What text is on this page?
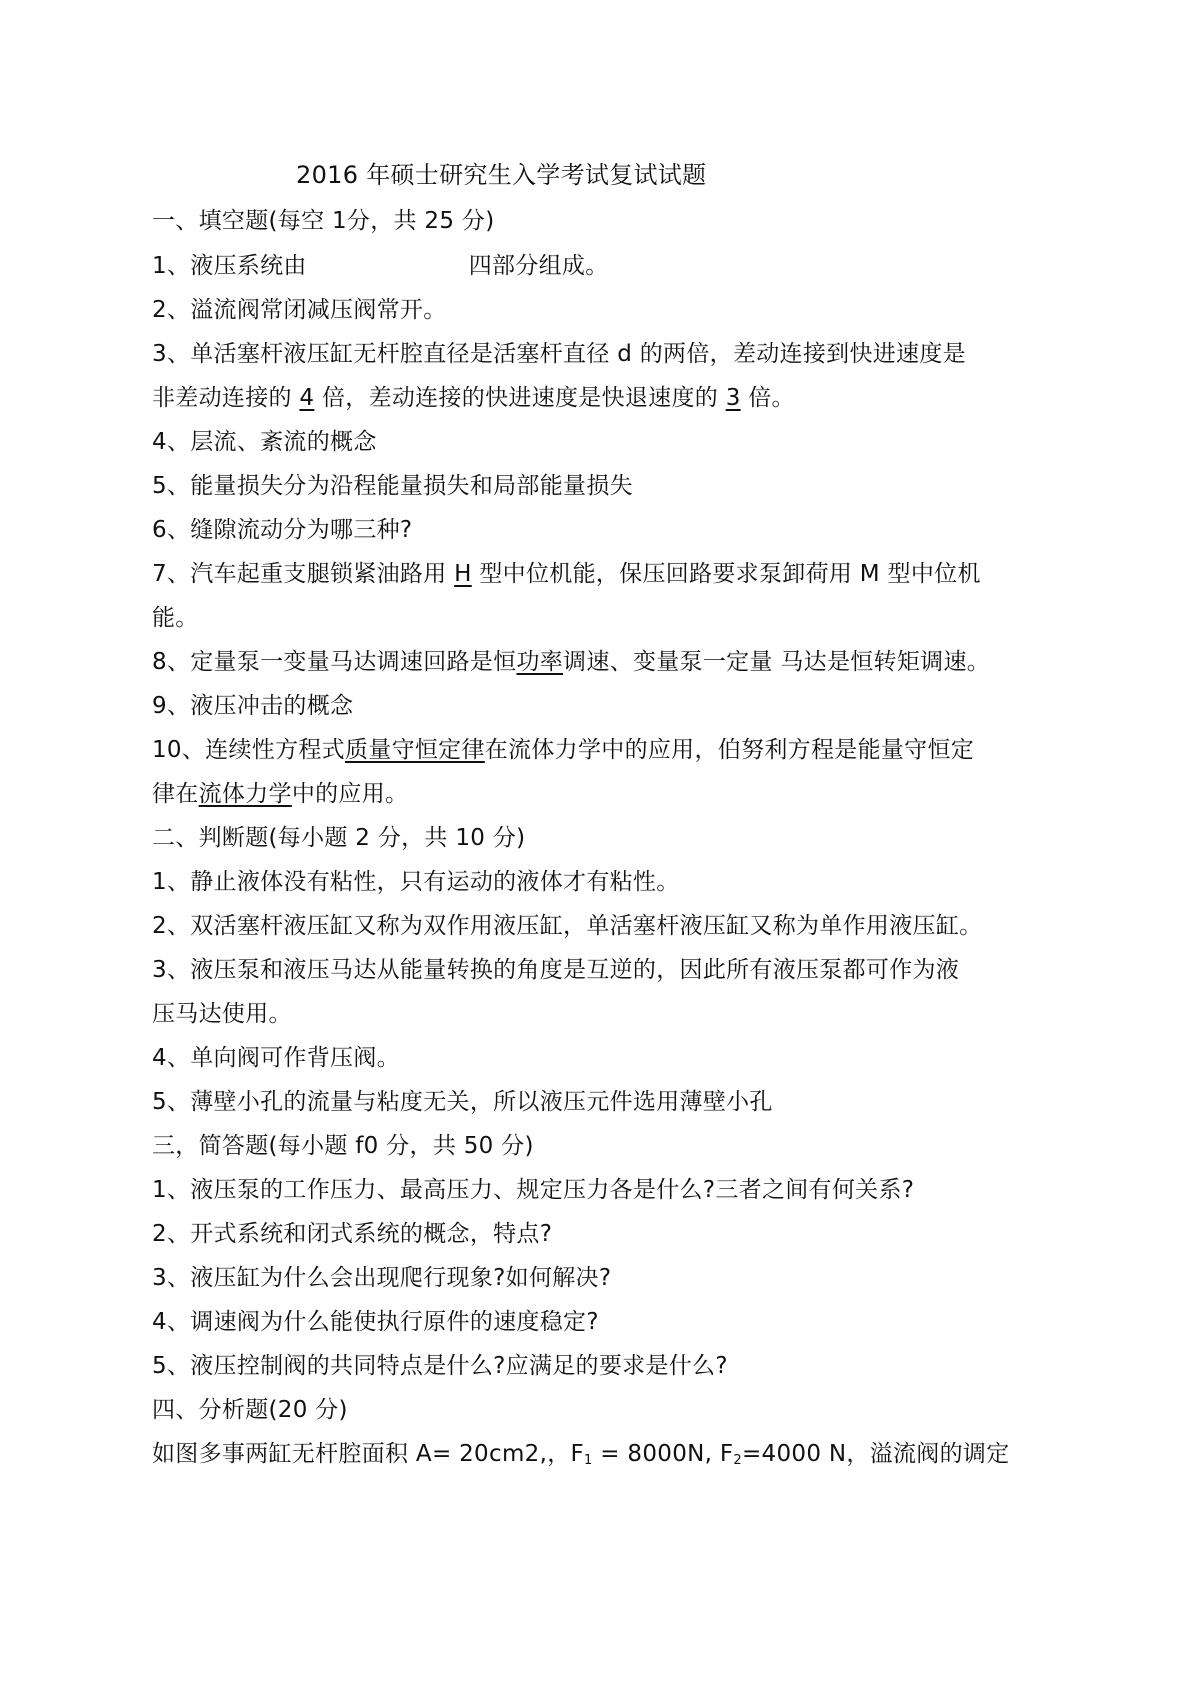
2016 年硕士研究生入学考试复试试题
一、填空题(每空 1分，共 25 分)
1、液压系统由	四部分组成。
2、溢流阀常闭减压阀常开。
3、单活塞杆液压缸无杆腔直径是活塞杆直径 d 的两倍，差动连接到快进速度是
非差动连接的 4 倍，差动连接的快进速度是快退速度的 3 倍。
4、层流、紊流的概念
5、能量损失分为沿程能量损失和局部能量损失
6、缝隙流动分为哪三种?
7、汽车起重支腿锁紧油路用 H 型中位机能，保压回路要求泵卸荷用 M 型中位机
能。
8、定量泵一变量马达调速回路是恒功率调速、变量泵一定量 马达是恒转矩调速。
9、液压冲击的概念
10、连续性方程式质量守恒定律在流体力学中的应用，伯努利方程是能量守恒定
律在流体力学中的应用。
二、判断题(每小题 2 分，共 10 分)
1、静止液体没有粘性，只有运动的液体才有粘性。
2、双活塞杆液压缸又称为双作用液压缸，单活塞杆液压缸又称为单作用液压缸。
3、液压泵和液压马达从能量转换的角度是互逆的，因此所有液压泵都可作为液
压马达使用。
4、单向阀可作背压阀。
5、薄壁小孔的流量与粘度无关，所以液压元件选用薄壁小孔
三，简答题(每小题 f0 分，共 50 分)
1、液压泵的工作压力、最高压力、规定压力各是什么?三者之间有何关系?
2、开式系统和闭式系统的概念，特点?
3、液压缸为什么会出现爬行现象?如何解决?
4、调速阀为什么能使执行原件的速度稳定?
5、液压控制阀的共同特点是什么?应满足的要求是什么?
四、分析题(20 分)
如图多事两缸无杆腔面积 A= 20cm2,，$F_1 = 8000N$, $F_2=4000$ N，溢流阀的调定
